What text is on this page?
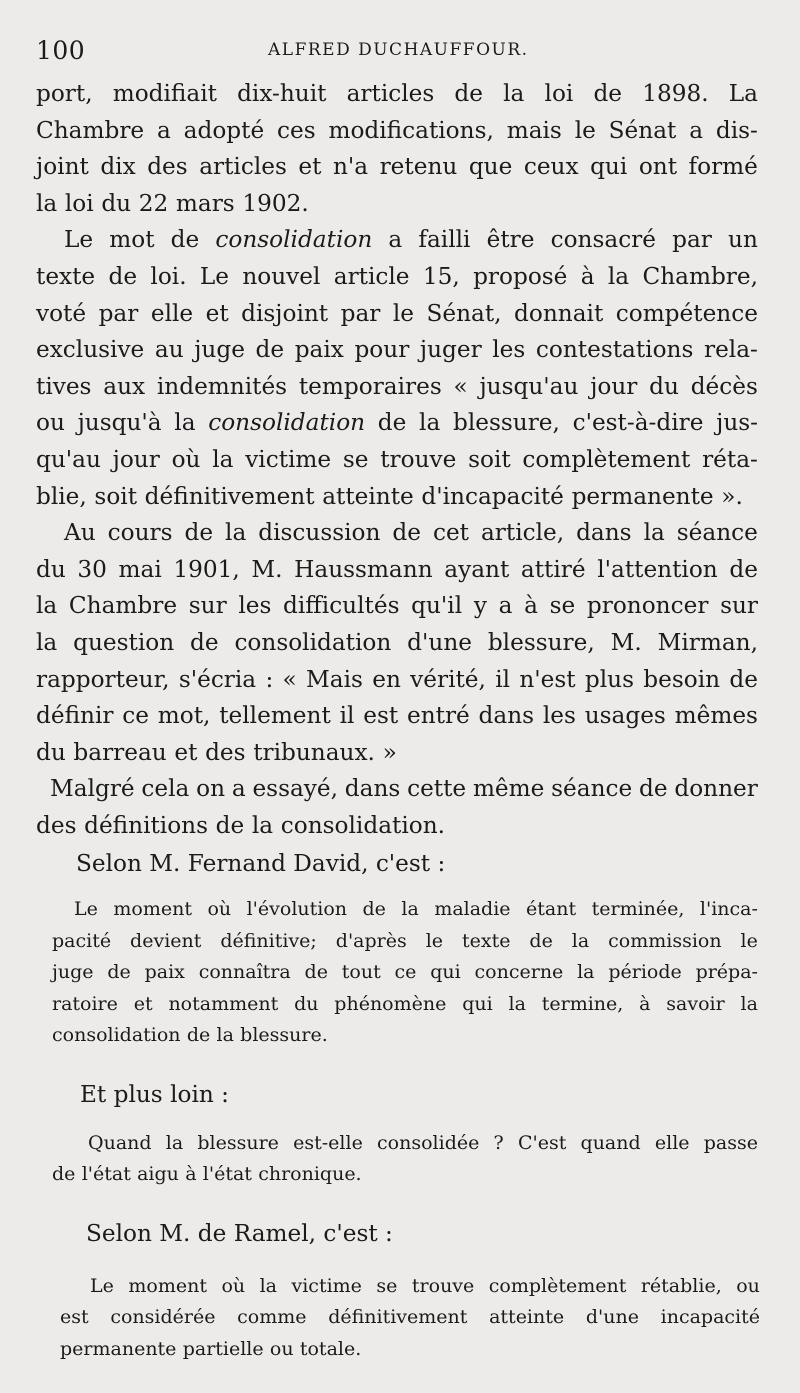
100	ALFRED DUCHAUFFOUR.
port, modifiait dix-huit articles de la loi de 1898. La
Chambre a adopté ces modifications, mais le Sénat a dis-
joint dix des articles et n'a retenu que ceux qui ont formé
la loi du 22 mars 1902.
Le mot de consolidation a failli être consacré par un
texte de loi. Le nouvel article 15, proposé à la Chambre,
voté par elle et disjoint par le Sénat, donnait compétence
exclusive au juge de paix pour juger les contestations rela-
tives aux indemnités temporaires « jusqu'au jour du décès
ou jusqu'à la consolidation de la blessure, c'est-à-dire jus-
qu'au jour où la victime se trouve soit complètement réta-
blie, soit définitivement atteinte d'incapacité permanente ».
Au cours de la discussion de cet article, dans la séance
du 30 mai 1901, M. Haussmann ayant attiré l'attention de
la Chambre sur les difficultés qu'il y a à se prononcer sur
la question de consolidation d'une blessure, M. Mirman,
rapporteur, s'écria : « Mais en vérité, il n'est plus besoin de
définir ce mot, tellement il est entré dans les usages mêmes
du barreau et des tribunaux. »
Malgré cela on a essayé, dans cette même séance de donner
des définitions de la consolidation.
Selon M. Fernand David, c'est :
Le moment où l'évolution de la maladie étant terminée, l'inca-
pacité devient définitive; d'après le texte de la commission le
juge de paix connaîtra de tout ce qui concerne la période prépa-
ratoire et notamment du phénomène qui la termine, à savoir la
consolidation de la blessure.
Et plus loin :
Quand la blessure est-elle consolidée ? C'est quand elle passe
de l'état aigu à l'état chronique.
Selon M. de Ramel, c'est :
Le moment où la victime se trouve complètement rétablie, ou
est considérée comme définitivement atteinte d'une incapacité
permanente partielle ou totale.
